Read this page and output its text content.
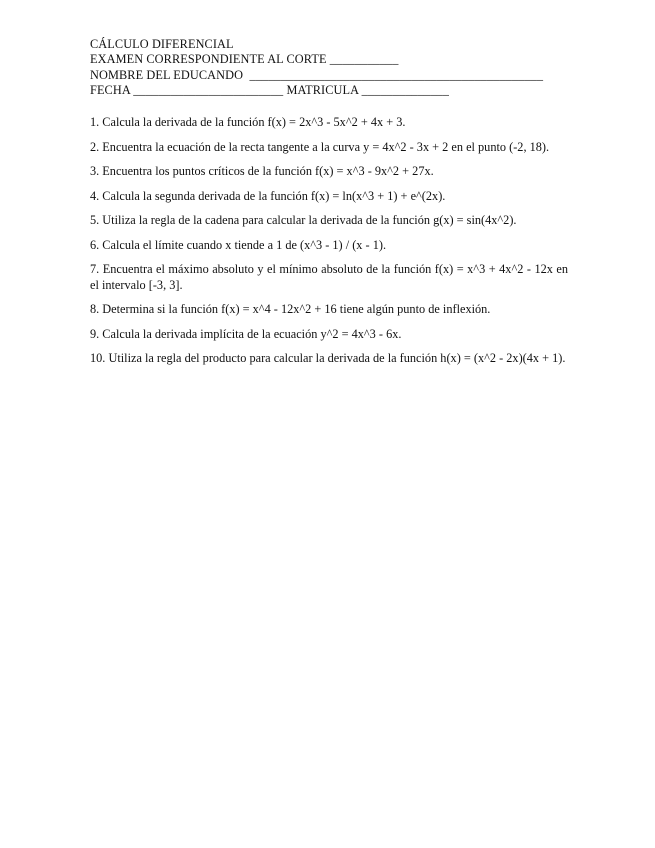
CÁLCULO DIFERENCIAL
EXAMEN CORRESPONDIENTE AL CORTE ___________
NOMBRE DEL EDUCANDO  _______________________________________________
FECHA ________________________ MATRICULA ______________
1. Calcula la derivada de la función f(x) = 2x^3 - 5x^2 + 4x + 3.
2. Encuentra la ecuación de la recta tangente a la curva y = 4x^2 - 3x + 2 en el punto (-2, 18).
3. Encuentra los puntos críticos de la función f(x) = x^3 - 9x^2 + 27x.
4. Calcula la segunda derivada de la función f(x) = ln(x^3 + 1) + e^(2x).
5. Utiliza la regla de la cadena para calcular la derivada de la función g(x) = sin(4x^2).
6. Calcula el límite cuando x tiende a 1 de (x^3 - 1) / (x - 1).
7. Encuentra el máximo absoluto y el mínimo absoluto de la función f(x) = x^3 + 4x^2 - 12x en el intervalo [-3, 3].
8. Determina si la función f(x) = x^4 - 12x^2 + 16 tiene algún punto de inflexión.
9. Calcula la derivada implícita de la ecuación y^2 = 4x^3 - 6x.
10. Utiliza la regla del producto para calcular la derivada de la función h(x) = (x^2 - 2x)(4x + 1).
